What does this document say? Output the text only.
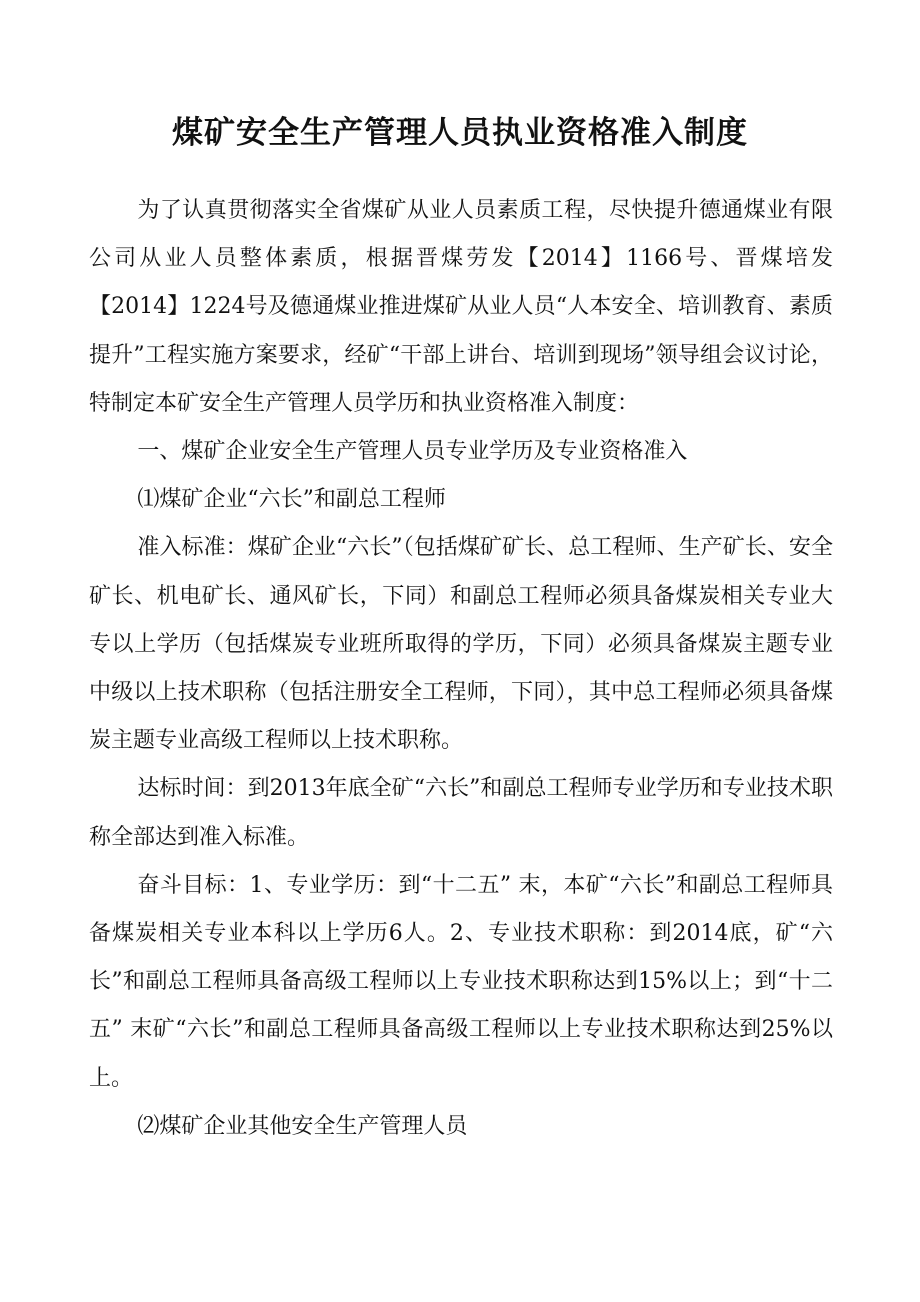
煤矿安全生产管理人员执业资格准入制度

为了认真贯彻落实全省煤矿从业人员素质工程，尽快提升德通煤业有限公司从业人员整体素质，根据晋煤劳发【2014】1166号、晋煤培发【2014】1224号及德通煤业推进煤矿从业人员“人本安全、培训教育、素质提升”工程实施方案要求，经矿“干部上讲台、培训到现场”领导组会议讨论，特制定本矿安全生产管理人员学历和执业资格准入制度：

一、煤矿企业安全生产管理人员专业学历及专业资格准入

⑴煤矿企业“六长”和副总工程师

准入标准：煤矿企业“六长”（包括煤矿矿长、总工程师、生产矿长、安全矿长、机电矿长、通风矿长，下同）和副总工程师必须具备煤炭相关专业大专以上学历（包括煤炭专业班所取得的学历，下同）必须具备煤炭主题专业中级以上技术职称（包括注册安全工程师，下同），其中总工程师必须具备煤炭主题专业高级工程师以上技术职称。

达标时间：到2013年底全矿“六长”和副总工程师专业学历和专业技术职称全部达到准入标准。

奋斗目标：1、专业学历：到“十二五” 末，本矿“六长”和副总工程师具备煤炭相关专业本科以上学历6人。2、专业技术职称：到2014底，矿“六长”和副总工程师具备高级工程师以上专业技术职称达到15%以上；到“十二五” 末矿“六长”和副总工程师具备高级工程师以上专业技术职称达到25%以上。

⑵煤矿企业其他安全生产管理人员
